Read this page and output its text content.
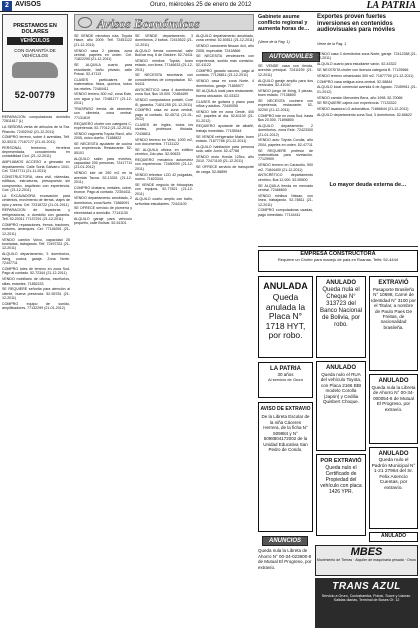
2 AVISOS	Oruro, miércoles 25 de enero de 2012	LA PATRIA
PRESTAMOS EN DOLARES
VEHÍCULOS
CON GARANTÍA DE VEHÍCULOS
52-00779
Avisos Económicos

REPARACIÓN computadoras domicilio 72811617 (L)

LA SEÑORA venta de artículos de la Sra. Pilarcito. 72402042 (21-12-2011)

COMPRO terreno, sobre 4 avenidas, Telf. 52-50211 77167177 (21-10-2011)

PERSONAL femenino, ferretera depresentada, conocimiento en contabilidad Ccd. (21-12-2011)

AMPLIAMOS ACCESO a gimnasio en departamento. Calle Soria Galvarro 1041. Cel: 72447711 (21-11-2011)

CONSTRUCTORA, obra civil, viviendas, edificios, estructuras, presupuesto sin compromiso, arquitecto con experiencia. Ccd. (21-12-2011)

LA EXCAVADORA excavación para cimientos, movimiento de tierras, viajes de ripio y arena. Cel: 72318722 (21-01-2011)

REPARACION de lavadoras y refrigeradoras, a domicilio con garantía. Telf. 52-20311 77137291 (21-12-2011)

COMPRO reparaciones, frenos, tractores, motores, arranques. Cel: 77146391 (21-12-2011)

VENDO camión Volvo, capacidad 25 toneladas, trabajando. Telf. 72497331 (21-12-2011)

ALQUILO departamento, 3 dormitorios, living, cocina, garaje. Zona Norte. 72447711

COMPRO lotes de terreno en zona Sud. Pago al contado. 52-72344 (21-12-2011)

VENDO mobiliario de oficina, escritorios, sillas, estantes. 71852233

SE REQUIERE señorita para atención al cliente, buena presencia. 52-55781 (21-12-2011)

COMPRO equipo de sonido, amplificadores. 77132299 (21-01-2012)

SE VENDE microbus ruta, Toyota Hiace, año 2009. Telf. 72451122 (21-12-2011)

VENDO casa 2 plantas, zona central, papeles en orden. Cel. 71822290 (21-12-2011)

SE ALQUILA cuarto para estudiante, baño privado, calle Potosí. 52-47113

CLASES particulares de matemática, física, química, todos los niveles. 72484411

VENDO terreno 300 m2, zona Este, con agua y luz. 72481177 (21-12-2011)

TRASPASO tienda de abarrotes con clientela, zona central. 77131819

REQUIERO chofer con categoría C, experiencia. 52-77012 (21-12-2011)

VENDO vagoneta Toyota Rav4, año 2005, único dueño. 71188822

SE NECESITA ayudante de cocina con experiencia. Restaurante. 52-55101

ALQUILO salón para eventos, capacidad 200 personas. 72417711 (21-01-2012)

VENDO lote de 250 m2 en la avenida Tacna. 52-13301 (21-12-2011)

COMPRO chatarra, metales, cobre, bronce. Pago al contado. 72304411

VENDO departamento amoblado, 2 dormitorios, zona Norte. 71866091

SE OFRECE servicio de plomería y electricidad a domicilio. 77141130

ALQUILO garaje para vehículo pequeño, calle Bolívar. 52-51301

SE VENDE departamento, 3 dormitorios, 2 baños. 72415522 (21-12-2011)

ALQUILO tienda comercial, calle Bolívar esq. 6 de Octubre. 52-74411

VENDO minibus Toyota, buen estado, con línea. 77146633 (21-12-2011)

SE NECESITA secretaria con conocimientos de computación. 52-54411

ANTICRÉTICO casa 4 dormitorios zona Sud, $us 15.000. 72484499

VENDO computadora portátil, Core i5, garantía. 71811255 (21-12-2011)

COMPRO casa en zona central, pago al contado. 52-45711 (21-01-2012)

CLASES de inglés, todos los niveles, profesora titulada. 72438811

VENDO terreno en Vinto, 1000 m2, con documentos. 77131122

SE ALQUILA oficina en edificio céntrico, 2do piso. 52-50633

REQUIERO mecánico automotriz con experiencia. 72480099 (21-12-2011)

VENDO televisor LCD 42 pulgadas, nuevo. 71823344

SE VENDE negocio de fotocopias con equipos. 52-77821 (21-12-2011)

ALQUILO cuarto amplio con baño, señoritas estudiantes. 72441100

ALQUILO departamento amoblado, zona central. 52-50511 (21-12-2011)

VENDO camioneta Nissan 4x4, año 2008, impecable. 72418866

SE NECESITA vendedores con experiencia, sueldo más comisión. 52-41122

COMPRO ganado vacuno, pago al contado. 77128811 (21-12-2011)

VENDO casa en zona Norte, 4 dormitorios, garaje. 71855577

SE ALQUILA local para restaurante, buena ubicación. 52-53322

CLASES de guitarra y piano para niños y adultos. 72440055

VENDO lote en zona Oeste, 400 m2, papeles al día. 52-61100 (21-01-2012)

REQUIERO ayudante de albañil, trabajo inmediato. 77135544

SE VENDE refrigerador Mabe, buen estado. 71877766 (21-12-2011)

ALQUILO habitación para persona sola, calle Junín. 52-47788

VENDO moto Honda 125cc, año 2010. 72471100 (21-12-2011)

SE OFRECE servicio de transporte de carga. 52-58899

AUTOMOVILES

SE VENDE casa con tienda, avenida principal. 72411199 (21-12-2011)

ALQUILO garaje amplio para dos vehículos. 52-41010

VENDO juego de living, 3 piezas, buen estado. 77136600

SE NECESITA cocinera con experiencia, restaurante. 52-52200 (21-12-2011)

COMPRO lote en zona Sud, hasta $us 20.000. 71898800

ALQUILO departamento 2 dormitorios, zona Este. 72423300 (21-01-2012)

VENDO auto Toyota Corolla, año 2004, papeles en orden. 52-47711

SE REQUIERE profesor de matemáticas para nivelación. 77129900

VENDO terreno en Caracollo, 500 m2. 71844400 (21-12-2011)

ANTICRÉTICO departamento céntrico, $us 12.000. 52-55500

SE ALQUILA tienda en mercado central. 72466600

VENDO minibus Nissan, con línea, trabajando. 52-78811 (21-12-2011)

COMPRO computadoras usadas, pago inmediato. 77144411

Gabinete asume conflicto regional y aumenta horas de…
(Viene de la Pag. 1)
Exportes proven fuertes inversiones en contenidos audiovisuales para móviles
Viene de la Pag. 1

VENDO casa 3 dormitorios zona Norte, garaje. 72412288 (21-12-2011)

ALQUILO cuarto para estudiante varón. 52-43322

SE NECESITA chofer con licencia categoría B. 77125566

VENDO terreno urbanizado 300 m2. 71877700 (21-12-2011)

COMPRO casa antigua zona central. 52-58844

ALQUILO local comercial avenida 6 de Agosto. 72459911 (21-01-2012)

VENDO camión Mercedes Benz, año 1998. 52-70066

SE REQUIERE cajera con experiencia. 77133322

VENDO lavadora LG automática. 71866644 (21-12-2011)

ALQUILO departamento zona Sud, 3 dormitorios. 52-66622

Lo mayor deuda externa de…
EMPRESA CONSTRUCTORA
Requiere un Chófer para manejo de pala en Ruanas. Telfs: 52-4444
ANULADA
Queda anulada la Placa N° 1718 HYT, por robo.
LA PATRIA
30 años
Al servicio de Oruro
ANULADO
Queda nula el Cheque N° 313723 del Banco Nacional de Bolivia, por robo.
EXTRAVIÓ
Pasaporte Brasileño N° 10698, Carné de Identidad N° 3100 por el Titular, a nombre de Paulo Paes De Freitas, de nacionalidad brasileña.
ANULADO
Queda nulo el RUA del vehículo Toyota, con Placa 2166 BBI modelo Corolla (Japón) y Cedilia Quisbert Choque.
ANULADO
Queda nula la Libreta de Ahorro N° 00-34-000054-6 de Mutual El Progreso, por extravío.
POR EXTRAVIÓ
Queda nulo el Certificado de Propiedad del vehículo con placa 1426 YPR.
ANULADO
Queda nulo el Padrón Municipal N° 1-21 27964 del Sr. Felix Asencio Cuentas, por extravío.
AVISO DE EXTRAVIO
De la Libreta Escolar de la niña Cáceres Herrera, de la ficha N° 509884 y N° 5098804172002 de la Unidad Educativa San Pedro de Condo.
ANULADO
ANUNCIOS
Queda nula la Libreta de Ahorro N° 00-34-023900-8 de Mutual El Progreso, por extravío.
MBES
Movimiento de Tierras · Alquiler de maquinaria pesada · Oruro
TRANS AZUL
Servicio a Oruro, Cochabamba, Potosí, Sucre y Llaman. Salidas diarias, Terminal de Buses Of. 12
